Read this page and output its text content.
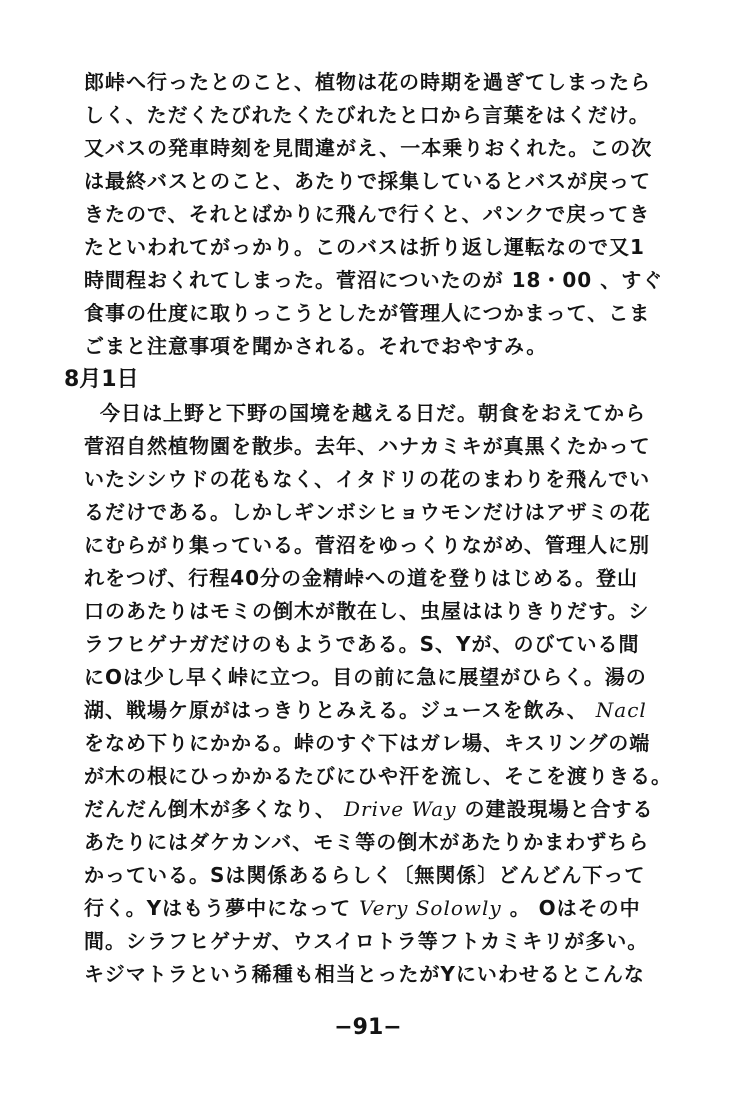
郎峠へ行ったとのこと、植物は花の時期を過ぎてしまったら
しく、ただくたびれたくたびれたと口から言葉をはくだけ。
又バスの発車時刻を見間違がえ、一本乗りおくれた。この次
は最終バスとのこと、あたりで採集しているとバスが戻って
きたので、それとばかりに飛んで行くと、パンクで戻ってき
たといわれてがっかり。このバスは折り返し運転なので又1
時間程おくれてしまった。菅沼についたのが 18・00 、すぐ
食事の仕度に取りっこうとしたが管理人につかまって、こま
ごまと注意事項を聞かされる。それでおやすみ。
8月1日
今日は上野と下野の国境を越える日だ。朝食をおえてから
菅沼自然植物園を散歩。去年、ハナカミキが真黒くたかって
いたシシウドの花もなく、イタドリの花のまわりを飛んでい
るだけである。しかしギンボシヒョウモンだけはアザミの花
にむらがり集っている。菅沼をゆっくりながめ、管理人に別
れをつげ、行程40分の金精峠への道を登りはじめる。登山
口のあたりはモミの倒木が散在し、虫屋ははりきりだす。シ
ラフヒゲナガだけのもようである。S、Yが、のびている間
にOは少し早く峠に立つ。目の前に急に展望がひらく。湯の
湖、戦場ケ原がはっきりとみえる。ジュースを飲み、 Nacl
をなめ下りにかかる。峠のすぐ下はガレ場、キスリングの端
が木の根にひっかかるたびにひや汗を流し、そこを渡りきる。
だんだん倒木が多くなり、 Drive Way の建設現場と合する
あたりにはダケカンバ、モミ等の倒木があたりかまわずちら
かっている。Sは関係あるらしく〔無関係〕どんどん下って
行く。Yはもう夢中になって Very Solowly 。 Oはその中
間。シラフヒゲナガ、ウスイロトラ等フトカミキリが多い。
キジマトラという稀種も相当とったがYにいわせるとこんな
−91−
